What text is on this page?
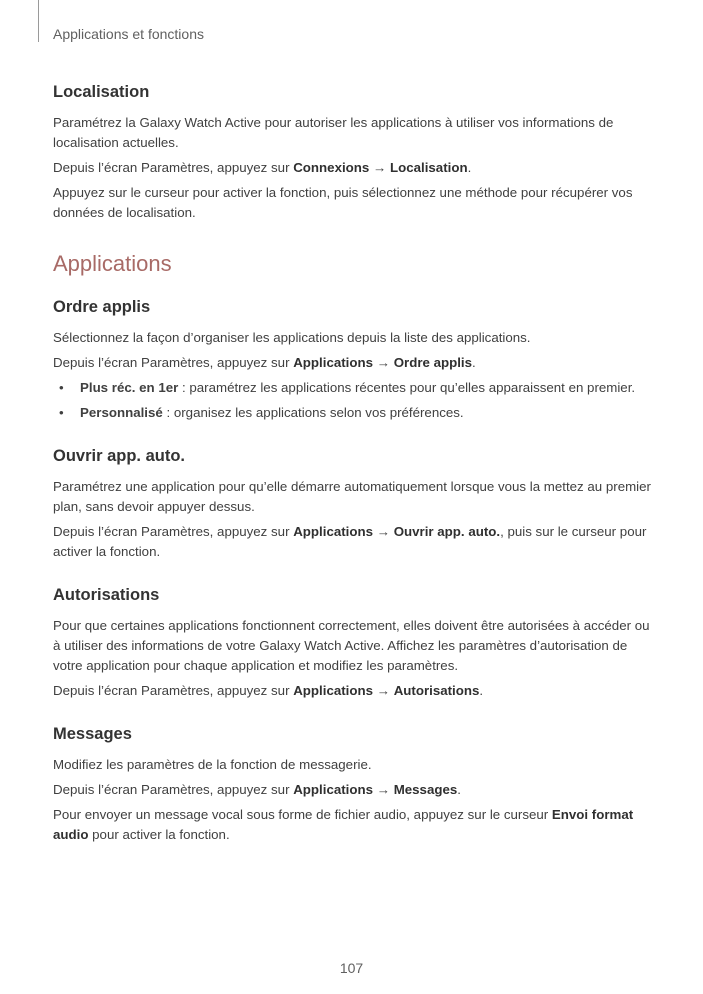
Applications et fonctions
Localisation

Paramétrez la Galaxy Watch Active pour autoriser les applications à utiliser vos informations de localisation actuelles.

Depuis l’écran Paramètres, appuyez sur Connexions → Localisation.

Appuyez sur le curseur pour activer la fonction, puis sélectionnez une méthode pour récupérer vos données de localisation.

Applications
Ordre applis

Sélectionnez la façon d’organiser les applications depuis la liste des applications.

Depuis l’écran Paramètres, appuyez sur Applications → Ordre applis.

• Plus réc. en 1er : paramétrez les applications récentes pour qu’elles apparaissent en premier.
• Personnalisé : organisez les applications selon vos préférences.
Ouvrir app. auto.

Paramétrez une application pour qu’elle démarre automatiquement lorsque vous la mettez au premier plan, sans devoir appuyer dessus.

Depuis l’écran Paramètres, appuyez sur Applications → Ouvrir app. auto., puis sur le curseur pour activer la fonction.

Autorisations

Pour que certaines applications fonctionnent correctement, elles doivent être autorisées à accéder ou à utiliser des informations de votre Galaxy Watch Active. Affichez les paramètres d’autorisation de votre application pour chaque application et modifiez les paramètres.

Depuis l’écran Paramètres, appuyez sur Applications → Autorisations.

Messages

Modifiez les paramètres de la fonction de messagerie.

Depuis l’écran Paramètres, appuyez sur Applications → Messages.

Pour envoyer un message vocal sous forme de fichier audio, appuyez sur le curseur Envoi format audio pour activer la fonction.

107
